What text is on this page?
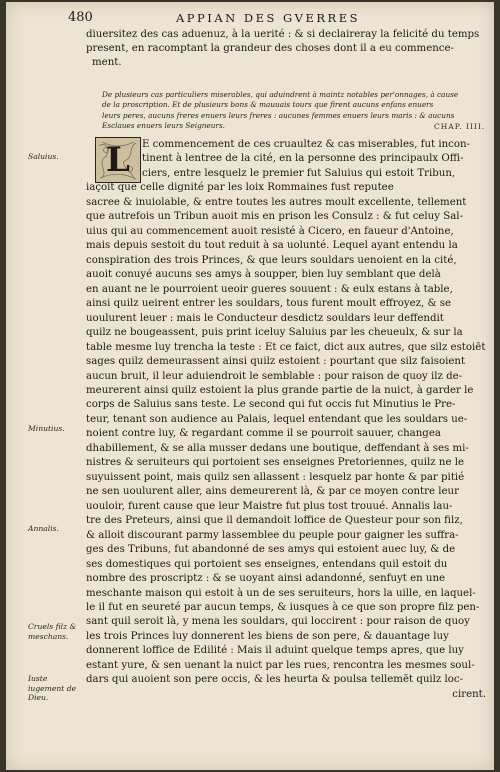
480	APPIAN DES GVERRES

diuersitez des cas aduenuz, à la uerité : & si declaireray la felicité du temps

present, en racomptant la grandeur des choses dont il a eu commence-

ment.

De plusieurs cas particuliers miserables, qui aduindrent à maintz notables per'onnages, à cause

de la proscription. Et de plusieurs bons & mauuais tours que firent aucuns enfans enuers

leurs peres, aucuns freres enuers leurs freres : aucunes femmes enuers leurs maris : & aucuns

Esclaues enuers leurs Seigneurs.	CHAP. IIII.
L	E commencement de ces cruaultez & cas miserables, fut incon-

tinent à lentree de la cité, en la personne des principaulx Offi-

ciers, entre lesquelz le premier fut Saluius qui estoit Tribun,

iaçoit que celle dignité par les loix Rommaines fust reputee

sacree & inuiolable, & entre toutes les autres moult excellente, tellement

que autrefois un Tribun auoit mis en prison les Consulz : & fut celuy Sal-

uius qui au commencement auoit resisté à Cicero, en faueur d'Antoine,

mais depuis sestoit du tout reduit à sa uolunté. Lequel ayant entendu la

conspiration des trois Princes, & que leurs souldars uenoient en la cité,

auoit conuyé aucuns ses amys à soupper, bien luy semblant que delà

en auant ne le pourroient ueoir gueres souuent : & eulx estans à table,

ainsi quilz ueirent entrer les souldars, tous furent moult effroyez, & se

uoulurent leuer : mais le Conducteur desdictz souldars leur deffendit

quilz ne bougeassent, puis print iceluy Saluius par les cheueulx, & sur la

table mesme luy trencha la teste : Et ce faict, dict aux autres, que silz estoiēt

sages quilz demeurassent ainsi quilz estoient : pourtant que silz faisoient

aucun bruit, il leur aduiendroit le semblable : pour raison de quoy ilz de-

meurerent ainsi quilz estoient la plus grande partie de la nuict, à garder le

corps de Saluius sans teste. Le second qui fut occis fut Minutius le Pre-

teur, tenant son audience au Palais, lequel entendant que les souldars ue-

noient contre luy, & regardant comme il se pourroit sauuer, changea

dhabillement, & se alla musser dedans une boutique, deffendant à ses mi-

nistres & seruiteurs qui portoient ses enseignes Pretoriennes, quilz ne le

suyuissent point, mais quilz sen allassent : lesquelz par honte & par pitié

ne sen uoulurent aller, ains demeurerent là, & par ce moyen contre leur

uouloir, furent cause que leur Maistre fut plus tost trouué. Annalis lau-

tre des Preteurs, ainsi que il demandoit loffice de Questeur pour son filz,

& alloit discourant parmy lassemblee du peuple pour gaigner les suffra-

ges des Tribuns, fut abandonné de ses amys qui estoient auec luy, & de

ses domestiques qui portoient ses enseignes, entendans quil estoit du

nombre des proscriptz : & se uoyant ainsi adandonné, senfuyt en une

meschante maison qui estoit à un de ses seruiteurs, hors la uille, en laquel-

le il fut en seureté par aucun temps, & iusques à ce que son propre filz pen-

sant quil seroit là, y mena les souldars, qui loccirent : pour raison de quoy

les trois Princes luy donnerent les biens de son pere, & dauantage luy

donnerent loffice de Edilité : Mais il aduint quelque temps apres, que luy

estant yure, & sen uenant la nuict par les rues, rencontra les mesmes soul-

dars qui auoient son pere occis, & les heurta & poulsa tellemēt quilz loc-

cirent.

Saluius.
Minutius.
Annalis.
Cruels filz & meschans.
Iuste iugement de Dieu.
